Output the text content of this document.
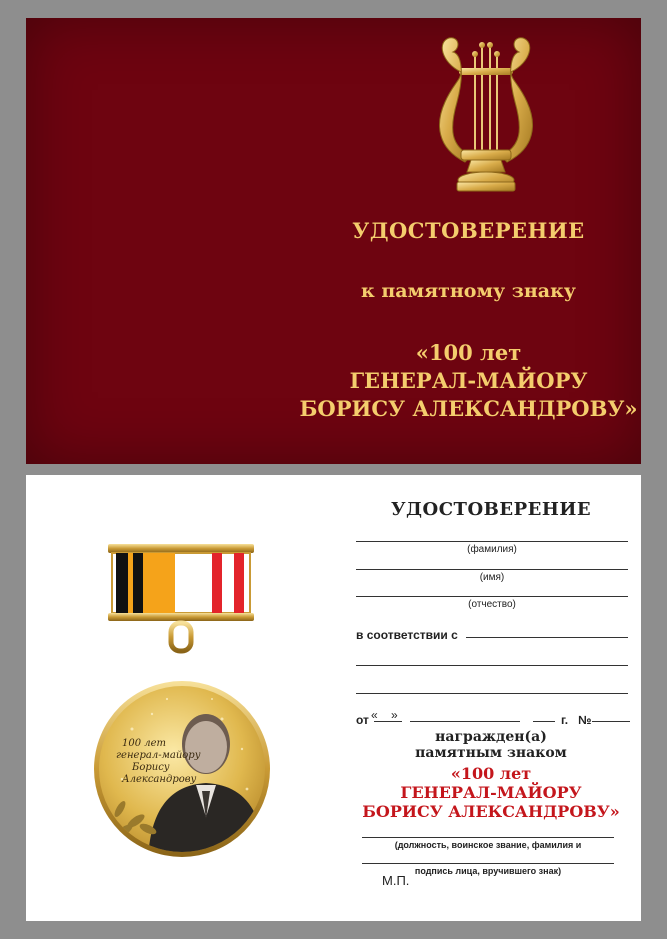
УДОСТОВЕРЕНИЕ
к памятному знаку
«100 лет
ГЕНЕРАЛ-МАЙОРУ
БОРИСУ АЛЕКСАНДРОВУ»
100 лет
генерал-майору
Борису
Александрову
УДОСТОВЕРЕНИЕ
(фамилия)
(имя)
(отчество)
в соответствии с
от «    »	г. №
награжден(а)
памятным знаком
«100 лет
ГЕНЕРАЛ-МАЙОРУ
БОРИСУ АЛЕКСАНДРОВУ»
(должность, воинское звание, фамилия и
подпись лица, вручившего знак)
М.П.
